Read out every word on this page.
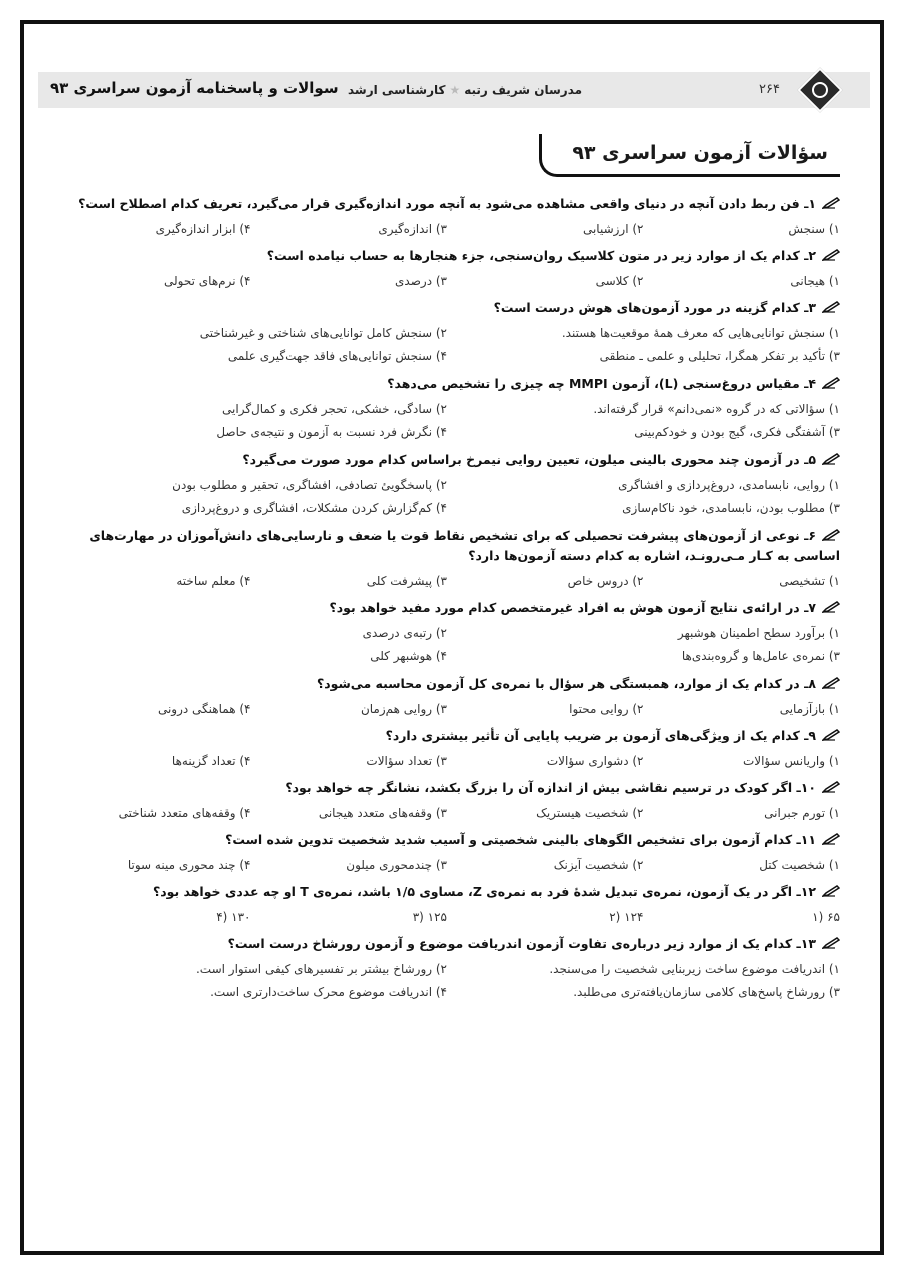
۲۶۴
مدرسان شریف رتبه★کارشناسی ارشد
سوالات و پاسخنامه آزمون سراسری ۹۳
سؤالات آزمون سراسری ۹۳
۱ـ فن ربط دادن آنچه در دنیای واقعی مشاهده می‌شود به آنچه مورد اندازه‌گیری قرار می‌گیرد، تعریف کدام اصطلاح است؟
۱) سنجش
۲) ارزشیابی
۳) اندازه‌گیری
۴) ابزار اندازه‌گیری
۲ـ کدام یک از موارد زیر در متون کلاسیک روان‌سنجی، جزء هنجارها به حساب نیامده است؟
۱) هیجانی
۲) کلاسی
۳) درصدی
۴) نرم‌های تحولی
۳ـ کدام گزینه در مورد آزمون‌های هوش درست است؟
۱) سنجش توانایی‌هایی که معرف همهٔ موقعیت‌ها هستند.
۲) سنجش کامل توانایی‌های شناختی و غیرشناختی
۳) تأکید بر تفکر همگرا، تحلیلی و علمی ـ منطقی
۴) سنجش توانایی‌های فاقد جهت‌گیری علمی
۴ـ مقیاس دروغ‌سنجی (L)، آزمون MMPI چه چیزی را تشخیص می‌دهد؟
۱) سؤالاتی که در گروه «نمی‌دانم» قرار گرفته‌اند.
۲) سادگی، خشکی، تحجر فکری و کمال‌گرایی
۳) آشفتگی فکری، گیج بودن و خودکم‌بینی
۴) نگرش فرد نسبت به آزمون و نتیجه‌ی حاصل
۵ـ در آزمون چند محوری بالینی میلون، تعیین روایی نیمرخ براساس کدام مورد صورت می‌گیرد؟
۱) روایی، نابسامدی، دروغ‌پردازی و افشاگری
۲) پاسخگوییٔ تصادفی، افشاگری، تحقیر و مطلوب بودن
۳) مطلوب بودن، نابسامدی، خود ناکام‌سازی
۴) کم‌گزارش کردن مشکلات، افشاگری و دروغ‌پردازی
۶ـ نوعی از آزمون‌های پیشرفت تحصیلی که برای تشخیص نقاط قوت یا ضعف و نارسایی‌های دانش‌آموزان در مهارت‌های اساسی به کـار مـی‌رونـد، اشاره به کدام دسته آزمون‌ها دارد؟
۱) تشخیصی
۲) دروس خاص
۳) پیشرفت کلی
۴) معلم ساخته
۷ـ در ارائه‌ی نتایج آزمون هوش به افراد غیرمتخصص کدام مورد مفید خواهد بود؟
۱) برآورد سطح اطمینان هوشبهر
۲) رتبه‌ی درصدی
۳) نمره‌ی عامل‌ها و گروه‌بندی‌ها
۴) هوشبهر کلی
۸ـ در کدام یک از موارد، همبستگی هر سؤال با نمره‌ی کل آزمون محاسبه می‌شود؟
۱) بازآزمایی
۲) روایی محتوا
۳) روایی هم‌زمان
۴) هماهنگی درونی
۹ـ کدام یک از ویژگی‌های آزمون بر ضریب پایایی آن تأثیر بیشتری دارد؟
۱) واریانس سؤالات
۲) دشواری سؤالات
۳) تعداد سؤالات
۴) تعداد گزینه‌ها
۱۰ـ اگر کودک در ترسیم نقاشی بیش از اندازه آن را بزرگ بکشد، نشانگر چه خواهد بود؟
۱) تورم جبرانی
۲) شخصیت هیستریک
۳) وقفه‌های متعدد هیجانی
۴) وقفه‌های متعدد شناختی
۱۱ـ کدام آزمون برای تشخیص الگوهای بالینی شخصیتی و آسیب شدید شخصیت تدوین شده است؟
۱) شخصیت کتل
۲) شخصیت آیزنک
۳) چندمحوری میلون
۴) چند محوری مینه سوتا
۱۲ـ اگر در یک آزمون، نمره‌ی تبدیل شدهٔ فرد به نمره‌ی Z، مساوی ۱/۵ باشد، نمره‌ی T او چه عددی خواهد بود؟
۶۵ (۱
۱۲۴ (۲
۱۲۵ (۳
۱۳۰ (۴
۱۳ـ کدام یک از موارد زیر درباره‌ی تفاوت آزمون اندریافت موضوع و آزمون رورشاخ درست است؟
۱) اندریافت موضوع ساخت زیربنایی شخصیت را می‌سنجد.
۲) رورشاخ بیشتر بر تفسیرهای کیفی استوار است.
۳) رورشاخ پاسخ‌های کلامی سازمان‌یافته‌تری می‌طلبد.
۴) اندریافت موضوع محرک ساخت‌دارتری است.
